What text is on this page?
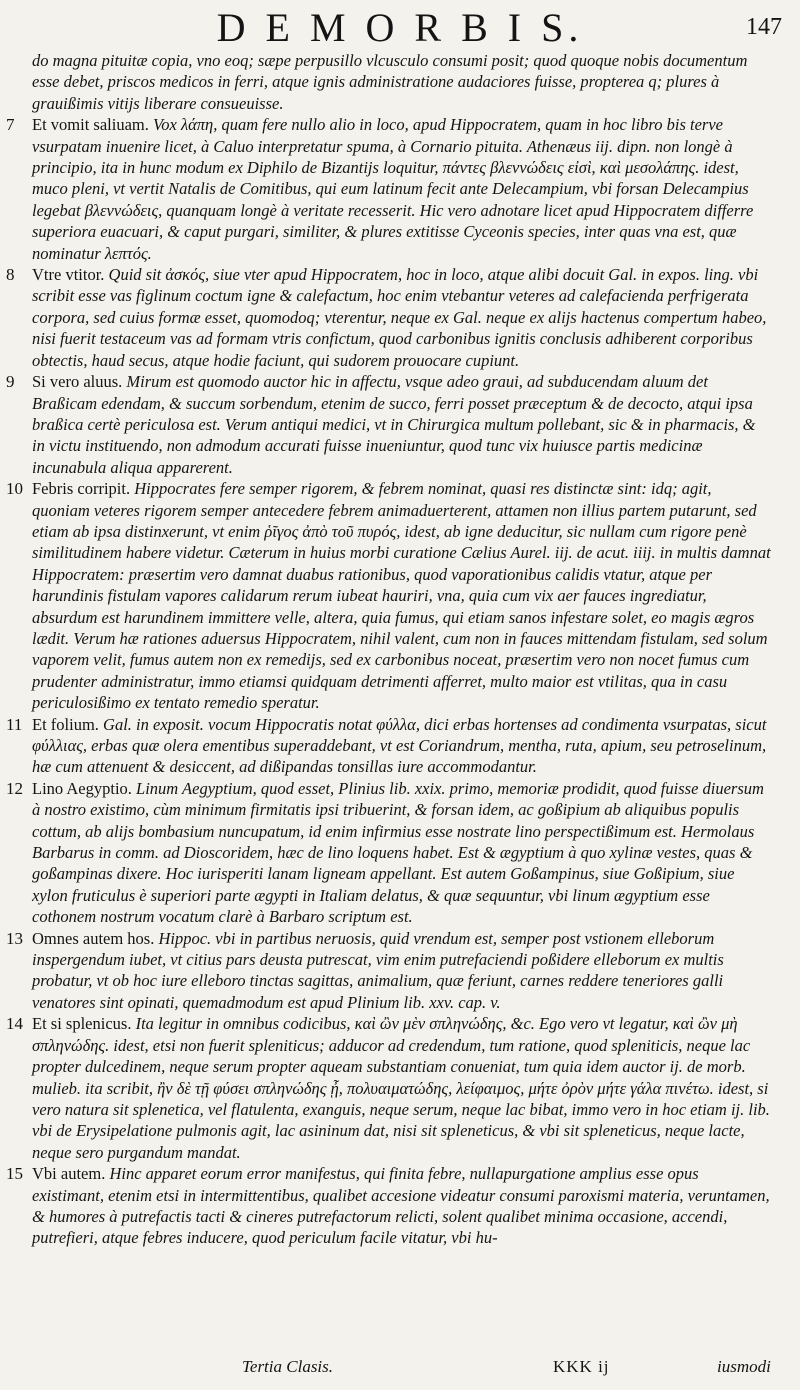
D E M O R B I S.	147

do magna pituitæ copia, vno eoq; sæpe perpusillo vlcusculo consumi posit; quod quoque nobis documentum esse debet, priscos medicos in ferri, atque ignis administratione audaciores fuisse, propterea q; plures à grauißimis vitijs liberare consueuisse.

7 Et vomit saliuam. Vox λάπη, quam fere nullo alio in loco, apud Hippocratem, quam in hoc libro bis terve vsurpatam inuenire licet, à Caluo interpretatur spuma, à Cornario pituita. Athenæus iij. dipn. non longè à principio, ita in hunc modum ex Diphilo de Bizantijs loquitur, πάντες βλεννώδεις εἰσὶ, καὶ μεσολάπης. idest, muco pleni, vt vertit Natalis de Comitibus, qui eum latinum fecit ante Delecampium, vbi forsan Delecampius legebat βλεννώδεις, quanquam longè à veritate recesserit. Hic vero adnotare licet apud Hippocratem differre superiora euacuari, & caput purgari, similiter, & plures extitisse Cyceonis species, inter quas vna est, quæ nominatur λεπτός.

8 Vtre vtitor. Quid sit ἀσκός, siue vter apud Hippocratem, hoc in loco, atque alibi docuit Gal. in expos. ling. vbi scribit esse vas figlinum coctum igne & calefactum, hoc enim vtebantur veteres ad calefacienda perfrigerata corpora, sed cuius formæ esset, quomodoq; vterentur, neque ex Gal. neque ex alijs hactenus compertum habeo, nisi fuerit testaceum vas ad formam vtris confictum, quod carbonibus ignitis conclusis adhiberent corporibus obtectis, haud secus, atque hodie faciunt, qui sudorem prouocare cupiunt.

9 Si vero aluus. Mirum est quomodo auctor hic in affectu, vsque adeo graui, ad subducendam aluum det Braßicam edendam, & succum sorbendum, etenim de succo, ferri posset præceptum & de decocto, atqui ipsa braßica certè periculosa est. Verum antiqui medici, vt in Chirurgica multum pollebant, sic & in pharmacis, & in victu instituendo, non admodum accurati fuisse inueniuntur, quod tunc vix huiusce partis medicinæ incunabula aliqua apparerent.

10 Febris corripit. Hippocrates fere semper rigorem, & febrem nominat, quasi res distinctæ sint: idq; agit, quoniam veteres rigorem semper antecedere febrem animaduerterent, attamen non illius partem putarunt, sed etiam ab ipsa distinxerunt, vt enim ῥῖγος ἀπὸ τοῦ πυρός, idest, ab igne deducitur, sic nullam cum rigore penè similitudinem habere videtur. Cæterum in huius morbi curatione Cælius Aurel. iij. de acut. iiij. in multis damnat Hippocratem: præsertim vero damnat duabus rationibus, quod vaporationibus calidis vtatur, atque per harundinis fistulam vapores calidarum rerum iubeat hauriri, vna, quia cum vix aer fauces ingrediatur, absurdum est harundinem immittere velle, altera, quia fumus, qui etiam sanos infestare solet, eo magis ægros lædit. Verum hæ rationes aduersus Hippocratem, nihil valent, cum non in fauces mittendam fistulam, sed solum vaporem velit, fumus autem non ex remedijs, sed ex carbonibus noceat, præsertim vero non nocet fumus cum prudenter administratur, immo etiamsi quidquam detrimenti afferret, multo maior est vtilitas, qua in casu periculosißimo ex tentato remedio speratur.

11 Et folium. Gal. in exposit. vocum Hippocratis notat φύλλα, dici erbas hortenses ad condimenta vsurpatas, sicut φύλλιας, erbas quæ olera ementibus superaddebant, vt est Coriandrum, mentha, ruta, apium, seu petroselinum, hæ cum attenuent & desiccent, ad dißipandas tonsillas iure accommodantur.

12 Lino Aegyptio. Linum Aegyptium, quod esset, Plinius lib. xxix. primo, memoriæ prodidit, quod fuisse diuersum à nostro existimo, cùm minimum firmitatis ipsi tribuerint, & forsan idem, ac goßipium ab aliquibus populis cottum, ab alijs bombasium nuncupatum, id enim infirmius esse nostrate lino perspectißimum est. Hermolaus Barbarus in comm. ad Dioscoridem, hæc de lino loquens habet. Est & ægyptium à quo xylinæ vestes, quas & goßampinas dixere. Hoc iurisperiti lanam ligneam appellant. Est autem Goßampinus, siue Goßipium, siue xylon fruticulus è superiori parte ægypti in Italiam delatus, & quæ sequuntur, vbi linum ægyptium esse cothonem nostrum vocatum clarè à Barbaro scriptum est.

13 Omnes autem hos. Hippoc. vbi in partibus neruosis, quid vrendum est, semper post vstionem elleborum inspergendum iubet, vt citius pars deusta putrescat, vim enim putrefaciendi poßidere elleborum ex multis probatur, vt ob hoc iure elleboro tinctas sagittas, animalium, quæ feriunt, carnes reddere teneriores galli venatores sint opinati, quemadmodum est apud Plinium lib. xxv. cap. v.

14 Et si splenicus. Ita legitur in omnibus codicibus, καὶ ὢν μὲν σπληνώδης, &c. Ego vero vt legatur, καὶ ὢν μὴ σπληνώδης. idest, etsi non fuerit spleniticus; adducor ad credendum, tum ratione, quod spleniticis, neque lac propter dulcedinem, neque serum propter aqueam substantiam conueniat, tum quia idem auctor ij. de morb. mulieb. ita scribit, ἢν δὲ τῇ φύσει σπληνώδης ᾖ, πολυαιματώδης, λείφαιμος, μήτε ὀρὸν μήτε γάλα πινέτω. idest, si vero natura sit splenetica, vel flatulenta, exanguis, neque serum, neque lac bibat, immo vero in hoc etiam ij. lib. vbi de Erysipelatione pulmonis agit, lac asininum dat, nisi sit spleneticus, & vbi sit spleneticus, neque lacte, neque sero purgandum mandat.

15 Vbi autem. Hinc apparet eorum error manifestus, qui finita febre, nullapurgatione amplius esse opus existimant, etenim etsi in intermittentibus, qualibet accesione videatur consumi paroxismi materia, veruntamen, & humores à putrefactis tacti & cineres putrefactorum relicti, solent qualibet minima occasione, accendi, putrefieri, atque febres inducere, quod periculum facile vitatur, vbi hu-

Tertia Clasis.	KKK ij	iusmodi
